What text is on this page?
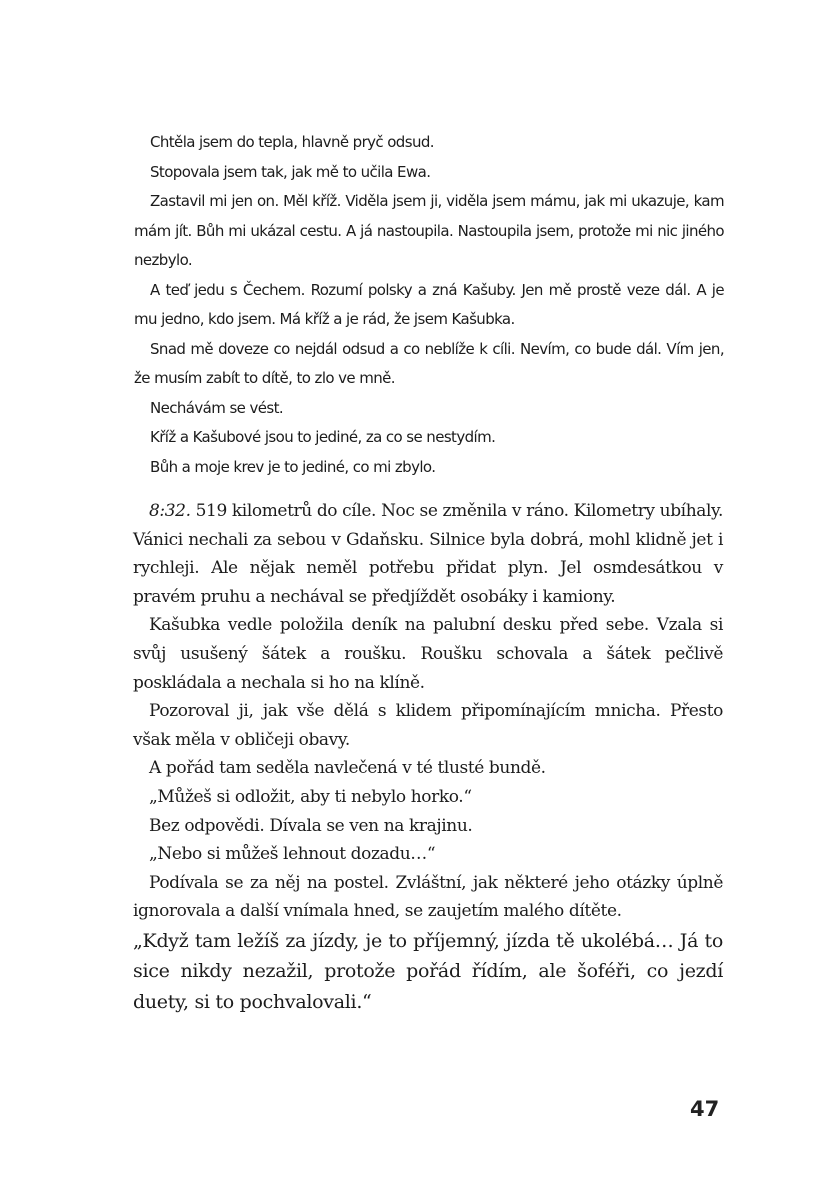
Chtěla jsem do tepla, hlavně pryč odsud.

Stopovala jsem tak, jak mě to učila Ewa.

Zastavil mi jen on. Měl kříž. Viděla jsem ji, viděla jsem mámu, jak mi ukazuje, kam mám jít. Bůh mi ukázal cestu. A já nastoupila. Nastoupila jsem, protože mi nic jiného nezbylo.

A teď jedu s Čechem. Rozumí polsky a zná Kašuby. Jen mě prostě veze dál. A je mu jedno, kdo jsem. Má kříž a je rád, že jsem Kašubka.

Snad mě doveze co nejdál odsud a co neblíže k cíli. Nevím, co bude dál. Vím jen, že musím zabít to dítě, to zlo ve mně.

Nechávám se vést.

Kříž a Kašubové jsou to jediné, za co se nestydím.

Bůh a moje krev je to jediné, co mi zbylo.

8:32. 519 kilometrů do cíle. Noc se změnila v ráno. Kilometry ubíhaly. Vánici nechali za sebou v Gdaňsku. Silnice byla dobrá, mohl klidně jet i rychleji. Ale nějak neměl potřebu přidat plyn. Jel osmdesátkou v pravém pruhu a nechával se předjíždět osobáky i kamiony.

Kašubka vedle položila deník na palubní desku před sebe. Vzala si svůj usušený šátek a roušku. Roušku schovala a šátek pečlivě poskládala a nechala si ho na klíně.

Pozoroval ji, jak vše dělá s klidem připomínajícím mnicha. Přesto však měla v obličeji obavy.

A pořád tam seděla navlečená v té tlusté bundě.

„Můžeš si odložit, aby ti nebylo horko.“

Bez odpovědi. Dívala se ven na krajinu.

„Nebo si můžeš lehnout dozadu…“

Podívala se za něj na postel. Zvláštní, jak některé jeho otázky úplně ignorovala a další vnímala hned, se zaujetím malého dítěte.

„Když tam ležíš za jízdy, je to příjemný, jízda tě ukolébá… Já to sice nikdy nezažil, protože pořád řídím, ale šoféři, co jezdí duety, si to pochvalovali.“

47
